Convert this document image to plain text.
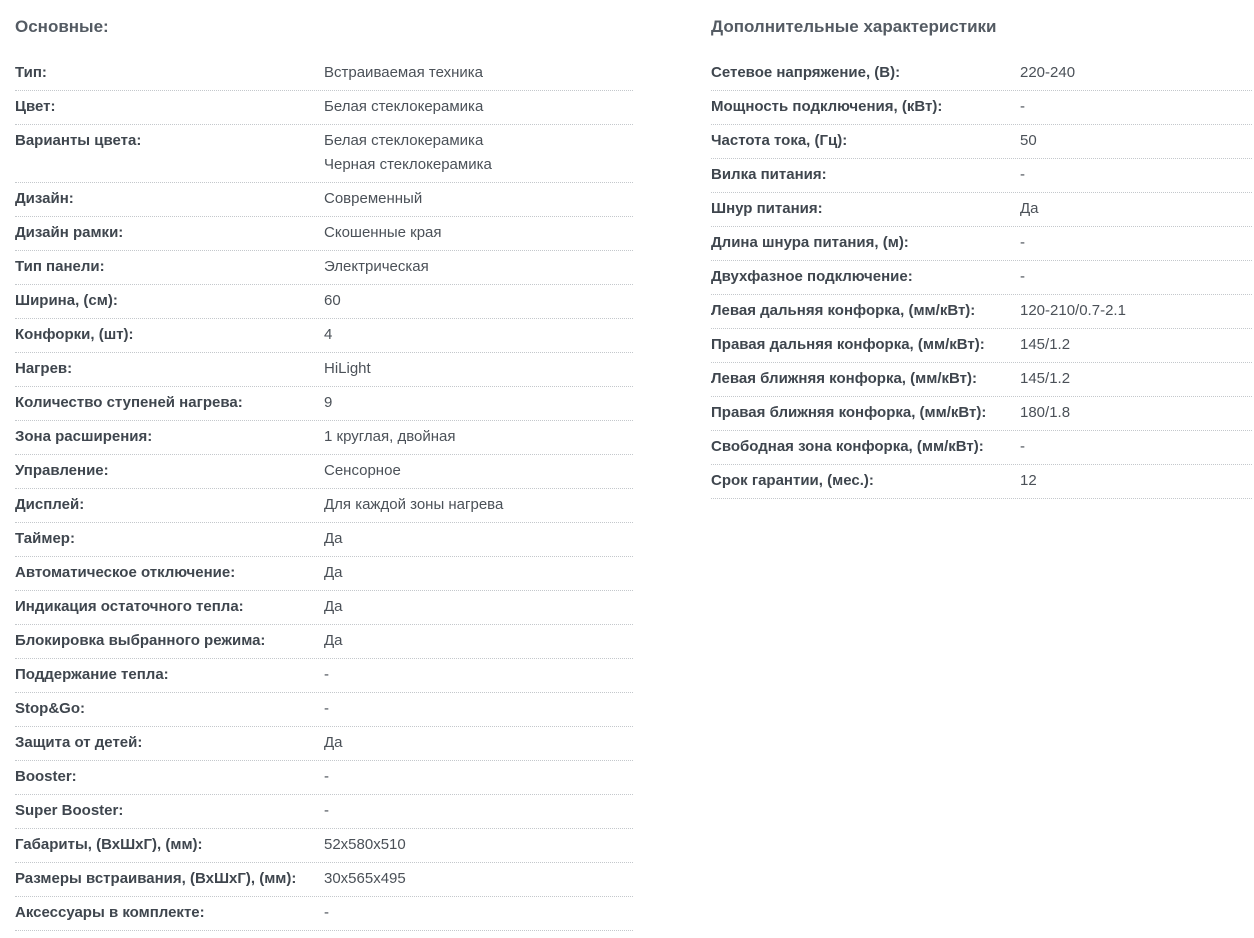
Основные:
Тип:	Встраиваемая техника
Цвет:	Белая стеклокерамика
Варианты цвета:	Белая стеклокерамика
Черная стеклокерамика
Дизайн:	Современный
Дизайн рамки:	Скошенные края
Тип панели:	Электрическая
Ширина, (см):	60
Конфорки, (шт):	4
Нагрев:	HiLight
Количество ступеней нагрева:	9
Зона расширения:	1 круглая, двойная
Управление:	Сенсорное
Дисплей:	Для каждой зоны нагрева
Таймер:	Да
Автоматическое отключение:	Да
Индикация остаточного тепла:	Да
Блокировка выбранного режима:	Да
Поддержание тепла:	-
Stop&Go:	-
Защита от детей:	Да
Booster:	-
Super Booster:	-
Габариты, (ВхШхГ), (мм):	52x580x510
Размеры встраивания, (ВхШхГ), (мм):	30x565x495
Аксессуары в комплекте:	-
Дополнительные характеристики
Сетевое напряжение, (В):	220-240
Мощность подключения, (кВт):	-
Частота тока, (Гц):	50
Вилка питания:	-
Шнур питания:	Да
Длина шнура питания, (м):	-
Двухфазное подключение:	-
Левая дальняя конфорка, (мм/кВт):	120-210/0.7-2.1
Правая дальняя конфорка, (мм/кВт):	145/1.2
Левая ближняя конфорка, (мм/кВт):	145/1.2
Правая ближняя конфорка, (мм/кВт):	180/1.8
Свободная зона конфорка, (мм/кВт):	-
Срок гарантии, (мес.):	12
